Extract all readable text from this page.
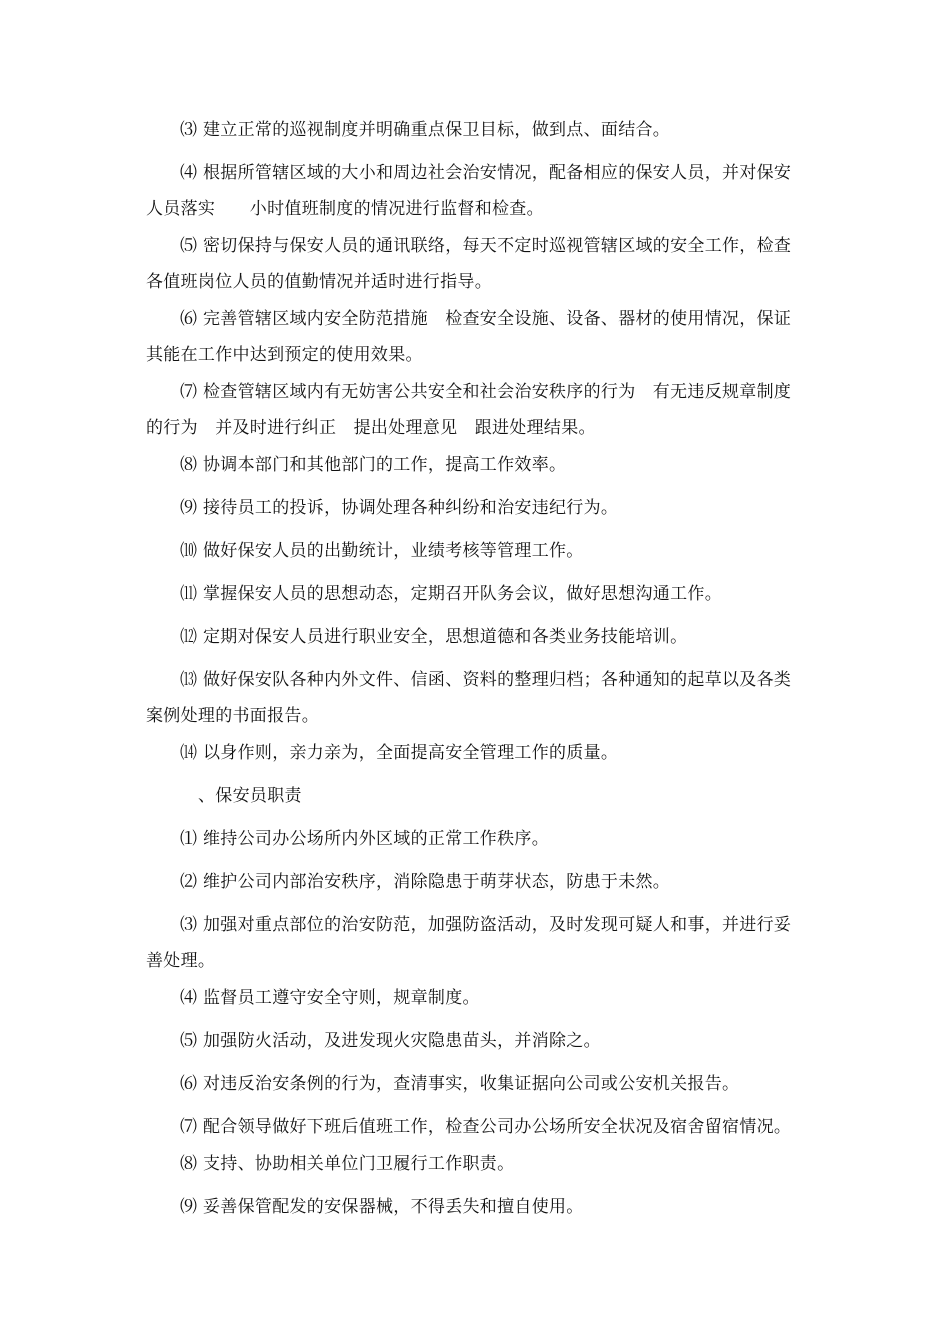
⑶ 建立正常的巡视制度并明确重点保卫目标，做到点、面结合。

⑷ 根据所管辖区域的大小和周边社会治安情况，配备相应的保安人员，并对保安人员落实　　小时值班制度的情况进行监督和检查。

⑸ 密切保持与保安人员的通讯联络，每天不定时巡视管辖区域的安全工作，检查各值班岗位人员的值勤情况并适时进行指导。

⑹ 完善管辖区域内安全防范措施　检查安全设施、设备、器材的使用情况，保证其能在工作中达到预定的使用效果。

⑺ 检查管辖区域内有无妨害公共安全和社会治安秩序的行为　有无违反规章制度的行为　并及时进行纠正　提出处理意见　跟进处理结果。

⑻ 协调本部门和其他部门的工作，提高工作效率。

⑼ 接待员工的投诉，协调处理各种纠纷和治安违纪行为。

⑽ 做好保安人员的出勤统计，业绩考核等管理工作。

⑾ 掌握保安人员的思想动态，定期召开队务会议，做好思想沟通工作。

⑿ 定期对保安人员进行职业安全，思想道德和各类业务技能培训。

⒀ 做好保安队各种内外文件、信函、资料的整理归档；各种通知的起草以及各类案例处理的书面报告。

⒁ 以身作则，亲力亲为，全面提高安全管理工作的质量。

、保安员职责

⑴ 维持公司办公场所内外区域的正常工作秩序。

⑵ 维护公司内部治安秩序，消除隐患于萌芽状态，防患于未然。

⑶ 加强对重点部位的治安防范，加强防盗活动，及时发现可疑人和事，并进行妥善处理。

⑷ 监督员工遵守安全守则，规章制度。

⑸ 加强防火活动，及进发现火灾隐患苗头，并消除之。

⑹ 对违反治安条例的行为，查清事实，收集证据向公司或公安机关报告。

⑺ 配合领导做好下班后值班工作，检查公司办公场所安全状况及宿舍留宿情况。

⑻ 支持、协助相关单位门卫履行工作职责。

⑼ 妥善保管配发的安保器械，不得丢失和擅自使用。
